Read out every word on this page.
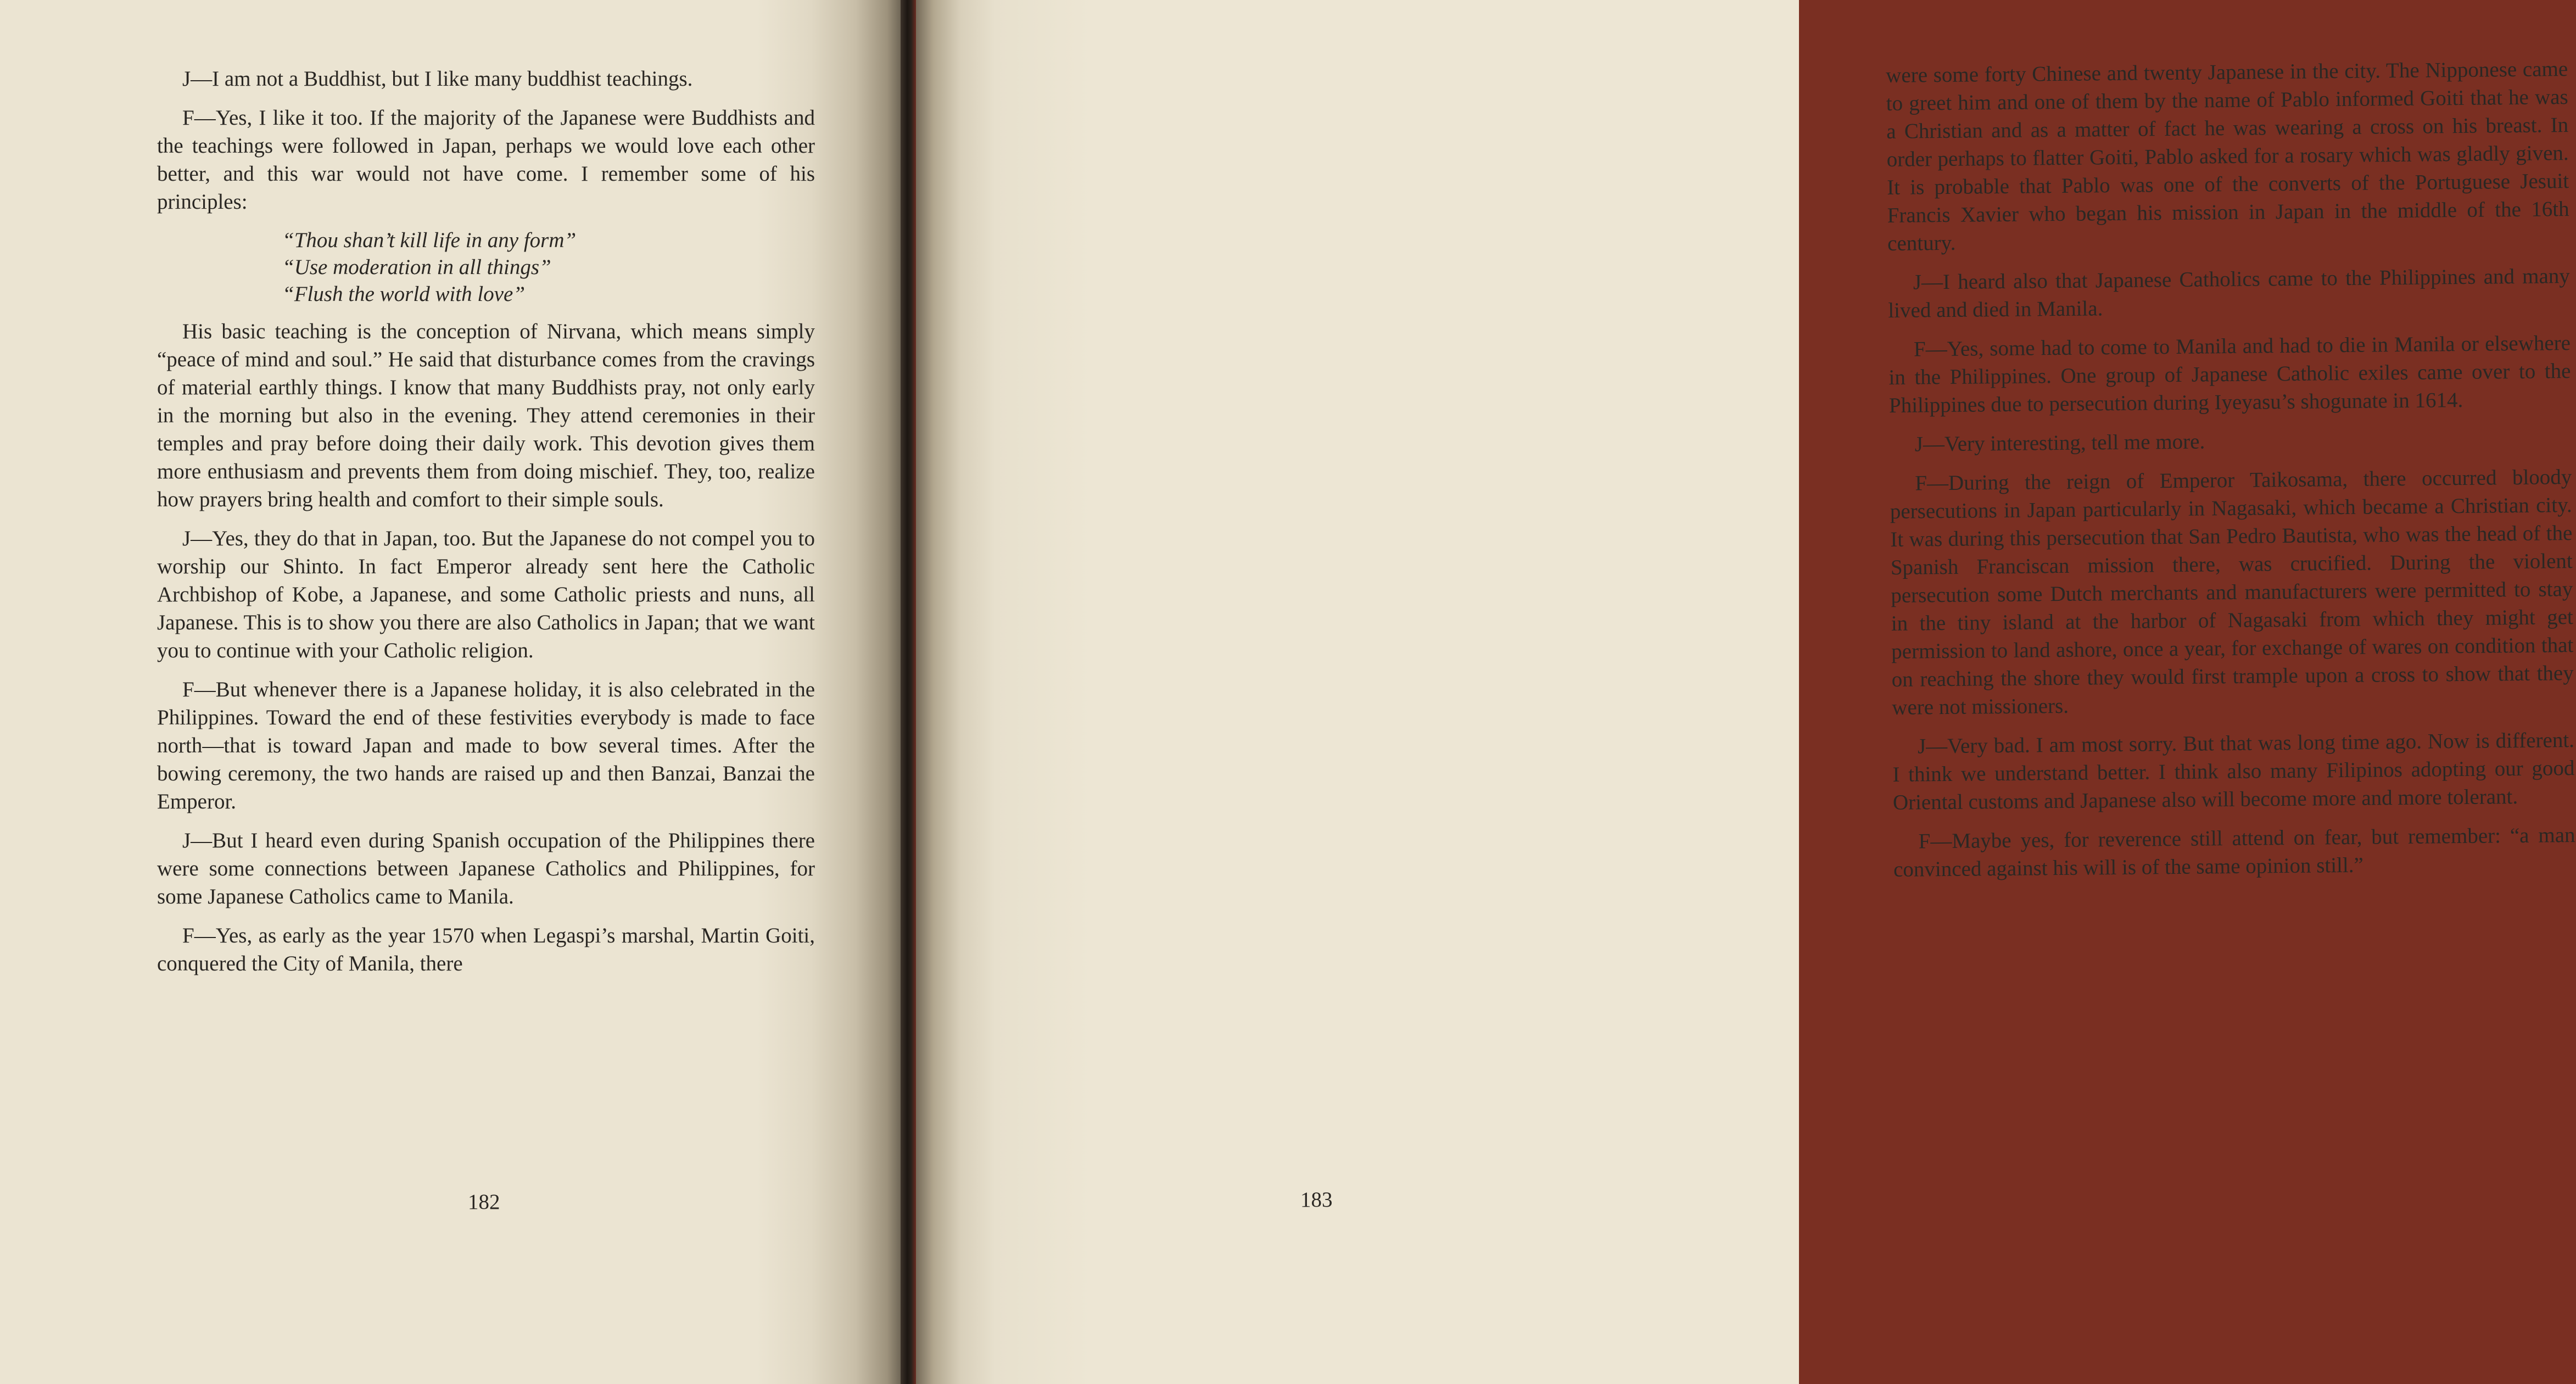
J—I am not a Buddhist, but I like many buddhist teachings.

F—Yes, I like it too. If the majority of the Japanese were Buddhists and the teachings were followed in Japan, perhaps we would love each other better, and this war would not have come. I remember some of his principles:

“Thou shan’t kill life in any form”
“Use moderation in all things”
“Flush the world with love”

His basic teaching is the conception of Nirvana, which means simply “peace of mind and soul.” He said that disturbance comes from the cravings of material earthly things. I know that many Buddhists pray, not only early in the morning but also in the evening. They attend ceremonies in their temples and pray before doing their daily work. This devotion gives them more enthusiasm and prevents them from doing mischief. They, too, realize how prayers bring health and comfort to their simple souls.

J—Yes, they do that in Japan, too. But the Japanese do not compel you to worship our Shinto. In fact Emperor already sent here the Catholic Archbishop of Kobe, a Japanese, and some Catholic priests and nuns, all Japanese. This is to show you there are also Catholics in Japan; that we want you to continue with your Catholic religion.

F—But whenever there is a Japanese holiday, it is also celebrated in the Philippines. Toward the end of these festivities everybody is made to face north—that is toward Japan and made to bow several times. After the bowing ceremony, the two hands are raised up and then Banzai, Banzai the Emperor.

J—But I heard even during Spanish occupation of the Philippines there were some connections between Japanese Catholics and Philippines, for some Japanese Catholics came to Manila.

F—Yes, as early as the year 1570 when Legaspi’s marshal, Martin Goiti, conquered the City of Manila, there

182

were some forty Chinese and twenty Japanese in the city. The Nipponese came to greet him and one of them by the name of Pablo informed Goiti that he was a Christian and as a matter of fact he was wearing a cross on his breast. In order perhaps to flatter Goiti, Pablo asked for a rosary which was gladly given. It is probable that Pablo was one of the converts of the Portuguese Jesuit Francis Xavier who began his mission in Japan in the middle of the 16th century.

J—I heard also that Japanese Catholics came to the Philippines and many lived and died in Manila.

F—Yes, some had to come to Manila and had to die in Manila or elsewhere in the Philippines. One group of Japanese Catholic exiles came over to the Philippines due to persecution during Iyeyasu’s shogunate in 1614.

J—Very interesting, tell me more.

F—During the reign of Emperor Taikosama, there occurred bloody persecutions in Japan particularly in Nagasaki, which became a Christian city. It was during this persecution that San Pedro Bautista, who was the head of the Spanish Franciscan mission there, was crucified. During the violent persecution some Dutch merchants and manufacturers were permitted to stay in the tiny island at the harbor of Nagasaki from which they might get permission to land ashore, once a year, for exchange of wares on condition that on reaching the shore they would first trample upon a cross to show that they were not missioners.

J—Very bad. I am most sorry. But that was long time ago. Now is different. I think we understand better. I think also many Filipinos adopting our good Oriental customs and Japanese also will become more and more tolerant.

F—Maybe yes, for reverence still attend on fear, but remember: “a man convinced against his will is of the same opinion still.”

183
